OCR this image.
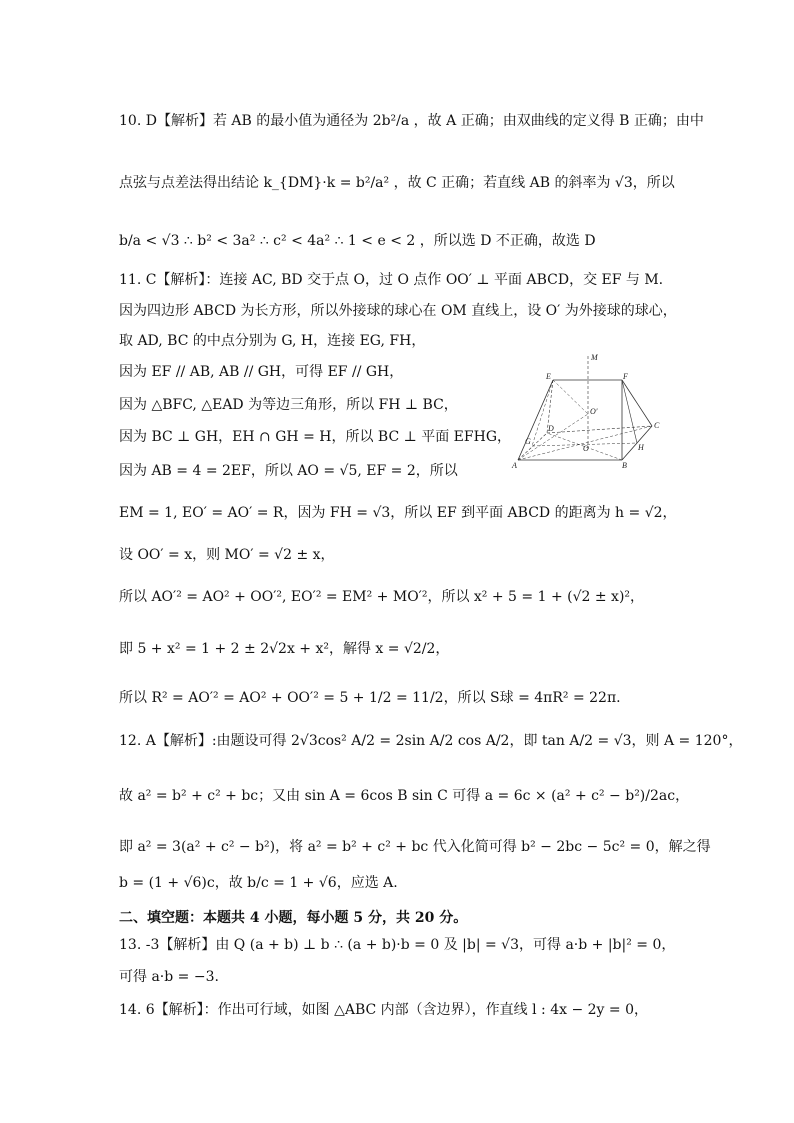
10. D【解析】若 AB 的最小值为通径为 2b²/a ，故 A 正确；由双曲线的定义得 B 正确；由中
点弦与点差法得出结论 k_{DM}·k = b²/a² ，故 C 正确；若直线 AB 的斜率为 √3，所以
b/a < √3 ∴ b² < 3a² ∴ c² < 4a² ∴ 1 < e < 2 ，所以选 D 不正确，故选 D
11. C【解析】：连接 AC, BD 交于点 O，过 O 点作 OO′ ⊥ 平面 ABCD，交 EF 与 M.
因为四边形 ABCD 为长方形，所以外接球的球心在 OM 直线上，设 O′ 为外接球的球心，
取 AD, BC 的中点分别为 G, H，连接 EG, FH，
因为 EF // AB, AB // GH，可得 EF // GH，
因为 △BFC, △EAD 为等边三角形，所以 FH ⊥ BC，
因为 BC ⊥ GH，EH ∩ GH = H，所以 BC ⊥ 平面 EFHG，
因为 AB = 4 = 2EF，所以 AO = √5, EF = 2，所以
EM = 1, EO′ = AO′ = R，因为 FH = √3，所以 EF 到平面 ABCD 的距离为 h = √2，
设 OO′ = x，则 MO′ = √2 ± x，
所以 AO′² = AO² + OO′², EO′² = EM² + MO′²，所以 x² + 5 = 1 + (√2 ± x)²，
即 5 + x² = 1 + 2 ± 2√2x + x²，解得 x = √2/2，
所以 R² = AO′² = AO² + OO′² = 5 + 1/2 = 11/2，所以 S球 = 4πR² = 22π.
12. A【解析】:由题设可得 2√3cos² A/2 = 2sin A/2 cos A/2，即 tan A/2 = √3，则 A = 120°，
故 a² = b² + c² + bc；又由 sin A = 6cos B sin C 可得 a = 6c × (a² + c² − b²)/2ac，
即 a² = 3(a² + c² − b²)，将 a² = b² + c² + bc 代入化简可得 b² − 2bc − 5c² = 0，解之得
b = (1 + √6)c，故 b/c = 1 + √6，应选 A.
二、填空题：本题共 4 小题，每小题 5 分，共 20 分。
13. -3【解析】由 Q (a + b) ⊥ b ∴ (a + b)·b = 0 及 |b| = √3，可得 a·b + |b|² = 0，
可得 a·b = −3.
14. 6【解析】：作出可行域，如图 △ABC 内部（含边界），作直线 l : 4x − 2y = 0，
M
E	F
O′
G
D
O
C
H
A	B
